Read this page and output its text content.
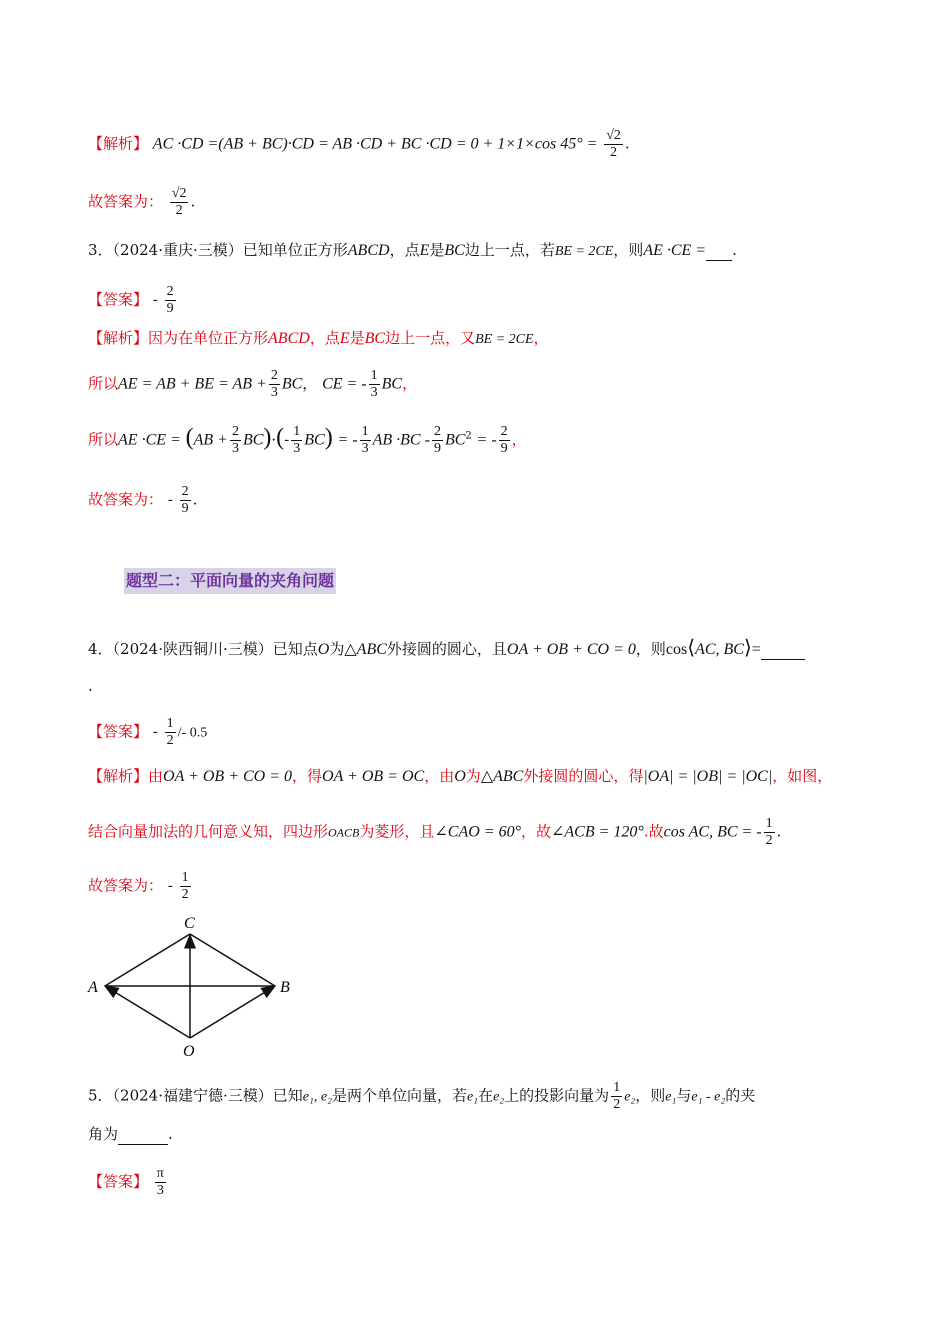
【解析】 AC ·CD =(AB + BC)·CD = AB ·CD + BC ·CD = 0 + 1×1×cos $45^\circ = \frac{√2}{2}$ .
故答案为： $\frac{√2}{2}$ .
3．（2024·重庆·三模）已知单位正方形ABCD，点E是BC边上一点，若BE = 2CE，则AE ·CE = .
【答案】 - $\frac{2}{9}$
【解析】因为在单位正方形ABCD，点E是BC边上一点，又BE = 2CE，
所以AE = AB + BE = AB + $\frac{2}{3}$ BC， CE = - $\frac{1}{3}$ BC，
所以AE $\cdot CE = (AB + \frac{2}{3} BC)\cdot(- \frac{1}{3} BC)$ = - $\frac{1}{3}$ AB $\cdot BC - \frac{2}{9} BC^2$ = - $\frac{2}{9}$ ，
故答案为： - $\frac{2}{9}$ .
题型二：平面向量的夹角问题
4．（2024·陕西铜川·三模）已知点O为△ABC外接圆的圆心，且OA + OB + CO = 0，则cos⟨AC, BC⟩=
.
【答案】 - $\frac{1}{2} /- 0.5$
【解析】由OA + OB + CO = 0，得OA + OB = OC，由O为△ABC外接圆的圆心，得|OA| = |OB| = |OC|，如图，
结合向量加法的几何意义知，四边形OACB为菱形，且∠CAO = 60°，故∠ACB = 120°.故cos AC, BC = - $\frac{1}{2}$ .
故答案为： - $\frac{1}{2}$
C
A	B
O
5．（2024·福建宁德·三模）已知e₁, e₂是两个单位向量，若e₁在e₂上的投影向量为 $\frac{1}{2} e_2$，则e₁与e₁ - e₂的夹
角为	.
【答案】 $\frac{\pi}{3}$
